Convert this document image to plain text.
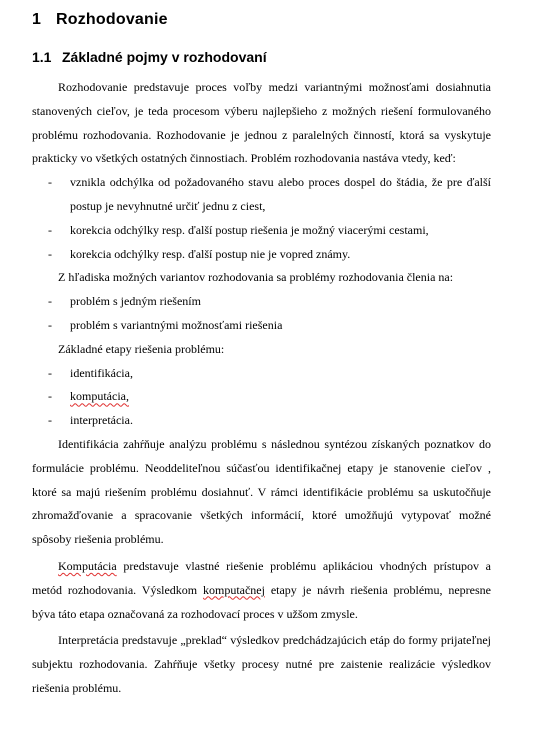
1 Rozhodovanie
1.1 Základné pojmy v rozhodovaní

Rozhodovanie predstavuje proces voľby medzi variantnými možnosťami dosiahnutia stanovených cieľov, je teda procesom výberu najlepšieho z možných riešení formulovaného problému rozhodovania. Rozhodovanie je jednou z paralelných činností, ktorá sa vyskytuje prakticky vo všetkých ostatných činnostiach. Problém rozhodovania nastáva vtedy, keď:

- vznikla odchýlka od požadovaného stavu alebo proces dospel do štádia, že pre ďalší postup je nevyhnutné určiť jednu z ciest,
- korekcia odchýlky resp. ďalší postup riešenia je možný viacerými cestami,
- korekcia odchýlky resp. ďalší postup nie je vopred známy.

Z hľadiska možných variantov rozhodovania sa problémy rozhodovania členia na:

- problém s jedným riešením
- problém s variantnými možnosťami riešenia

Základné etapy riešenia problému:

- identifikácia,
- komputácia,
- interpretácia.

Identifikácia zahŕňuje analýzu problému s následnou syntézou získaných poznatkov do formulácie problému. Neoddeliteľnou súčasťou identifikačnej etapy je stanovenie cieľov , ktoré sa majú riešením problému dosiahnuť. V rámci identifikácie problému sa uskutočňuje zhromažďovanie a spracovanie všetkých informácií, ktoré umožňujú vytypovať možné spôsoby riešenia problému.

Komputácia predstavuje vlastné riešenie problému aplikáciou vhodných prístupov a metód rozhodovania. Výsledkom komputačnej etapy je návrh riešenia problému, nepresne býva táto etapa označovaná za rozhodovací proces v užšom zmysle.

Interpretácia predstavuje „preklad“ výsledkov predchádzajúcich etáp do formy prijateľnej subjektu rozhodovania. Zahŕňuje všetky procesy nutné pre zaistenie realizácie výsledkov riešenia problému.
